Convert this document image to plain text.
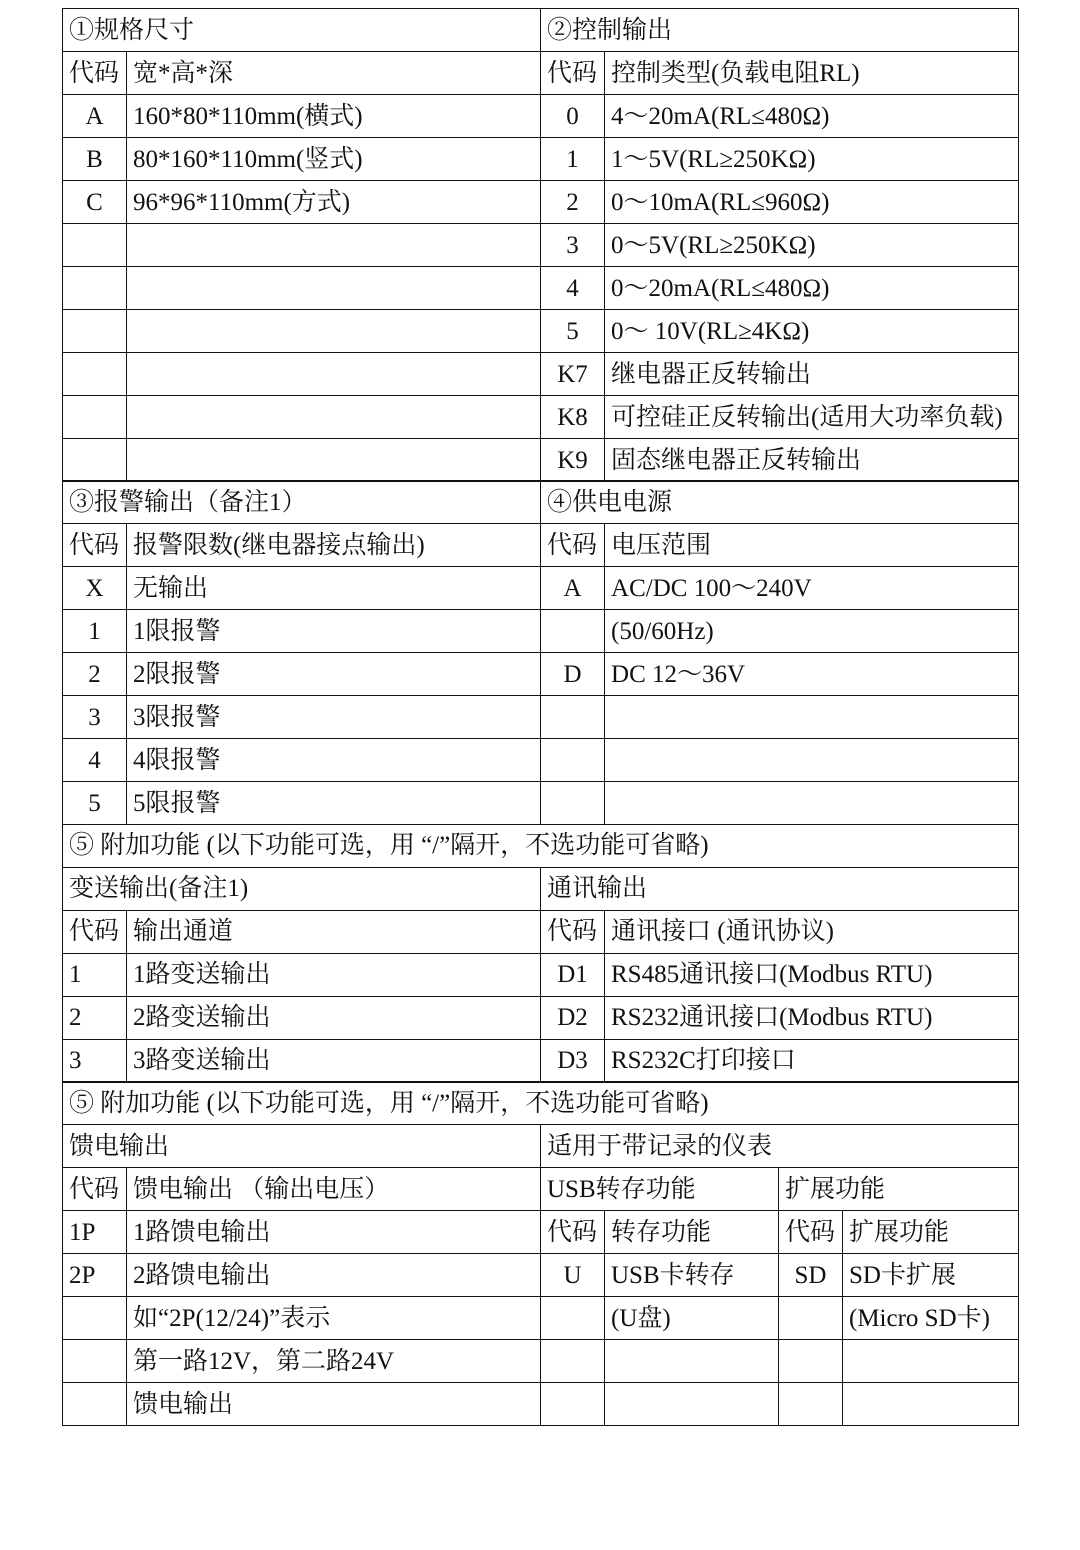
①规格尺寸		②控制输出	
代码	宽*高*深	代码	控制类型(负载电阻RL)
A	160*80*110mm(横式)	0	4～20mA(RL≤480Ω)
B	80*160*110mm(竖式)	1	1～5V(RL≥250KΩ)
C	96*96*110mm(方式)	2	0～10mA(RL≤960Ω)
		3	0～5V(RL≥250KΩ)
		4	0～20mA(RL≤480Ω)
		5	0～ 10V(RL≥4KΩ)
		K7	继电器正反转输出
		K8	可控硅正反转输出(适用大功率负载)
		K9	固态继电器正反转输出
③报警输出（备注1）		④供电电源	
代码	报警限数(继电器接点输出)	代码	电压范围
X	无输出	A	AC/DC 100～240V
1	1限报警		(50/60Hz)
2	2限报警	D	DC 12～36V
3	3限报警		
4	4限报警		
5	5限报警		
⑤ 附加功能 (以下功能可选，用 “/”隔开，不选功能可省略)			
变送输出(备注1)		通讯输出	
代码	输出通道	代码	通讯接口 (通讯协议)
1	1路变送输出	D1	RS485通讯接口(Modbus RTU)
2	2路变送输出	D2	RS232通讯接口(Modbus RTU)
3	3路变送输出	D3	RS232C打印接口
⑤ 附加功能 (以下功能可选，用 “/”隔开，不选功能可省略)					
馈电输出		适用于带记录的仪表			
代码	馈电输出 （输出电压）	USB转存功能		扩展功能	
1P	1路馈电输出	代码	转存功能	代码	扩展功能
2P	2路馈电输出	U	USB卡转存	SD	SD卡扩展
	如“2P(12/24)”表示		(U盘)		(Micro SD卡)
	第一路12V，第二路24V				
	馈电输出				
